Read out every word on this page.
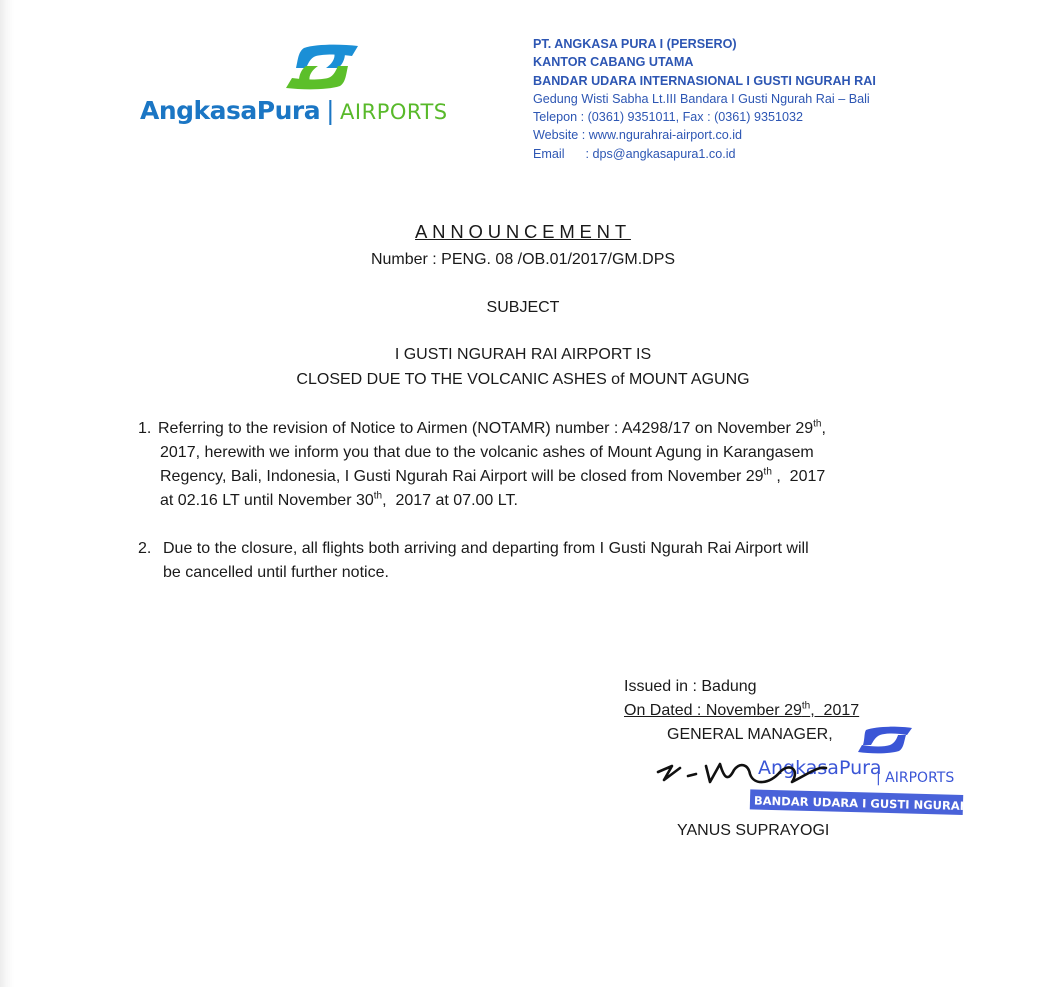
AngkasaPura | AIRPORTS
PT. ANGKASA PURA I (PERSERO)
KANTOR CABANG UTAMA
BANDAR UDARA INTERNASIONAL I GUSTI NGURAH RAI
Gedung Wisti Sabha Lt.III Bandara I Gusti Ngurah Rai – Bali
Telepon : (0361) 9351011, Fax : (0361) 9351032
Website : www.ngurahrai-airport.co.id
Email      : dps@angkasapura1.co.id
ANNOUNCEMENT
Number : PENG. 08 /OB.01/2017/GM.DPS
SUBJECT
I GUSTI NGURAH RAI AIRPORT IS
CLOSED DUE TO THE VOLCANIC ASHES of MOUNT AGUNG
1. Referring to the revision of Notice to Airmen (NOTAMR) number : A4298/17 on November 29th,
2017, herewith we inform you that due to the volcanic ashes of Mount Agung in Karangasem
Regency, Bali, Indonesia, I Gusti Ngurah Rai Airport will be closed from November 29th ,  2017
at 02.16 LT until November 30th,  2017 at 07.00 LT.
2. Due to the closure, all flights both arriving and departing from I Gusti Ngurah Rai Airport will
be cancelled until further notice.
Issued in : Badung
On Dated : November 29th,  2017
GENERAL MANAGER,
AngkasaPura
| AIRPORTS
BANDAR UDARA I GUSTI NGURAH RAI
YANUS SUPRAYOGI
